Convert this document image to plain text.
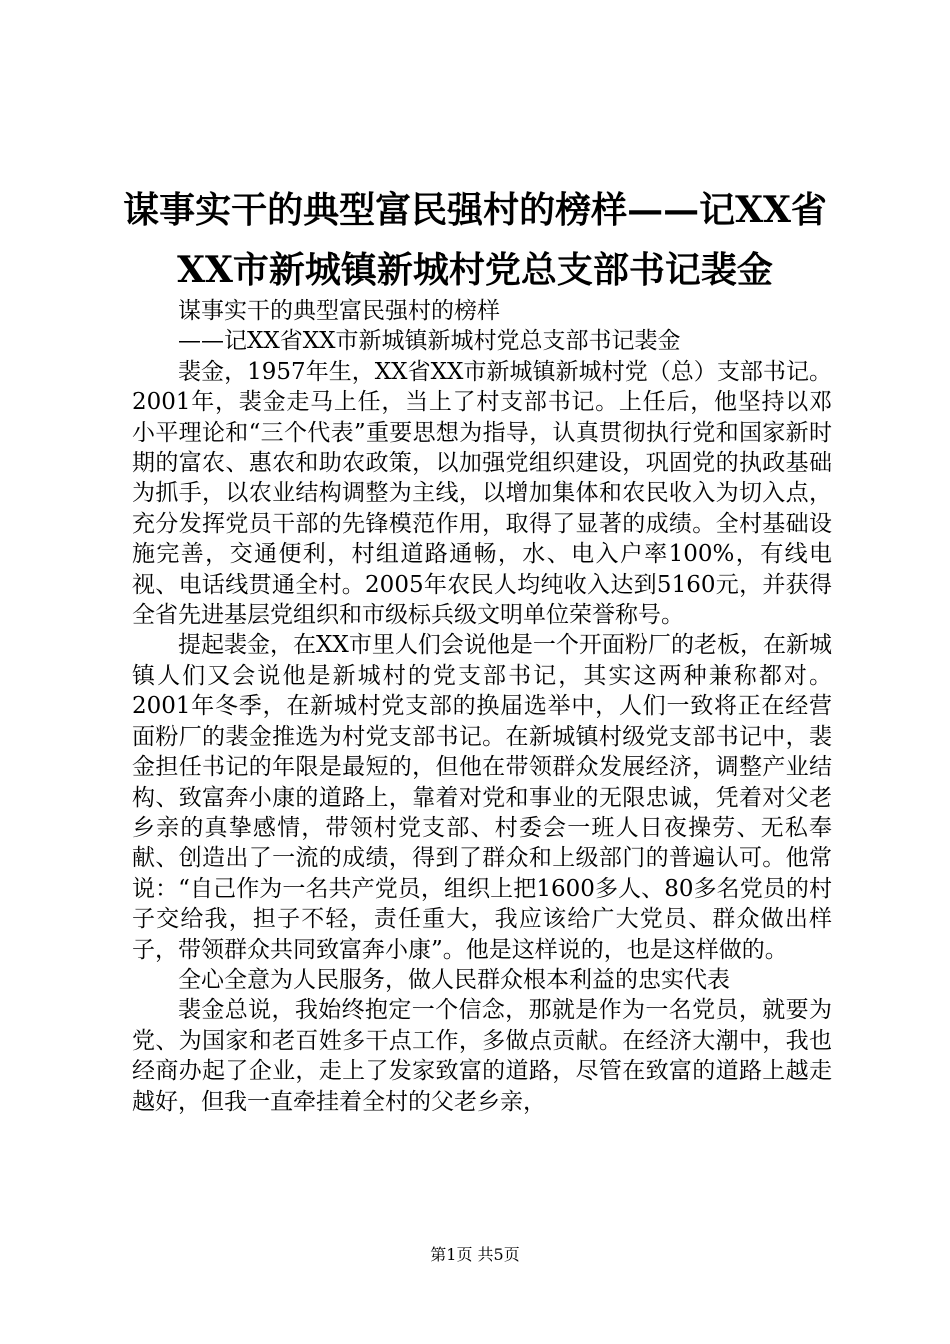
谋事实干的典型富民强村的榜样——记XX省
XX市新城镇新城村党总支部书记裴金

谋事实干的典型富民强村的榜样

——记XX省XX市新城镇新城村党总支部书记裴金

裴金，1957年生，XX省XX市新城镇新城村党（总）支部书记。2001年，裴金走马上任，当上了村支部书记。上任后，他坚持以邓小平理论和“三个代表”重要思想为指导，认真贯彻执行党和国家新时期的富农、惠农和助农政策，以加强党组织建设，巩固党的执政基础为抓手，以农业结构调整为主线，以增加集体和农民收入为切入点，充分发挥党员干部的先锋模范作用，取得了显著的成绩。全村基础设施完善，交通便利，村组道路通畅，水、电入户率100%，有线电视、电话线贯通全村。2005年农民人均纯收入达到5160元，并获得全省先进基层党组织和市级标兵级文明单位荣誉称号。

提起裴金，在XX市里人们会说他是一个开面粉厂的老板，在新城镇人们又会说他是新城村的党支部书记，其实这两种兼称都对。2001年冬季，在新城村党支部的换届选举中，人们一致将正在经营面粉厂的裴金推选为村党支部书记。在新城镇村级党支部书记中，裴金担任书记的年限是最短的，但他在带领群众发展经济，调整产业结构、致富奔小康的道路上，靠着对党和事业的无限忠诚，凭着对父老乡亲的真挚感情，带领村党支部、村委会一班人日夜操劳、无私奉献、创造出了一流的成绩，得到了群众和上级部门的普遍认可。他常说：“自己作为一名共产党员，组织上把1600多人、80多名党员的村子交给我，担子不轻，责任重大，我应该给广大党员、群众做出样子，带领群众共同致富奔小康”。他是这样说的，也是这样做的。

全心全意为人民服务，做人民群众根本利益的忠实代表

裴金总说，我始终抱定一个信念，那就是作为一名党员，就要为党、为国家和老百姓多干点工作，多做点贡献。在经济大潮中，我也经商办起了企业，走上了发家致富的道路，尽管在致富的道路上越走越好，但我一直牵挂着全村的父老乡亲，

第1页 共5页
